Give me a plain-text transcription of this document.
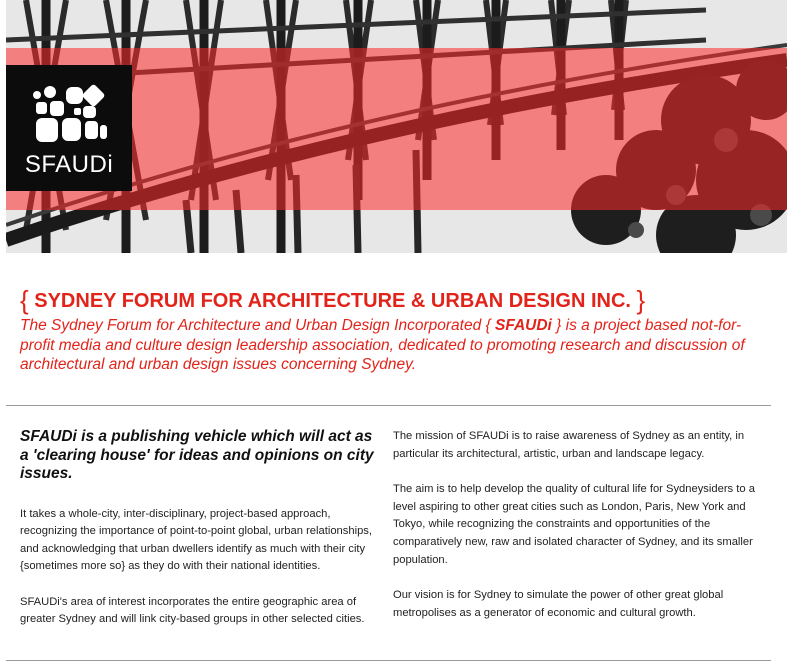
SFAUDi
{ SYDNEY FORUM FOR ARCHITECTURE & URBAN DESIGN INC. }

The Sydney Forum for Architecture and Urban Design Incorporated { SFAUDi } is a project based not-for-profit media and culture design leadership association, dedicated to promoting research and discussion of architectural and urban design issues concerning Sydney.

SFAUDi is a publishing vehicle which will act as a 'clearing house' for ideas and opinions on city issues.

It takes a whole-city, inter-disciplinary, project-based approach, recognizing the importance of point-to-point global, urban relationships, and acknowledging that urban dwellers identify as much with their city {sometimes more so} as they do with their national identities.

SFAUDi's area of interest incorporates the entire geographic area of greater Sydney and will link city-based groups in other selected cities.

The mission of SFAUDi is to raise awareness of Sydney as an entity, in particular its architectural, artistic, urban and landscape legacy.

The aim is to help develop the quality of cultural life for Sydneysiders to a level aspiring to other great cities such as London, Paris, New York and Tokyo, while recognizing the constraints and opportunities of the comparatively new, raw and isolated character of Sydney, and its smaller population.

Our vision is for Sydney to simulate the power of other great global metropolises as a generator of economic and cultural growth.
